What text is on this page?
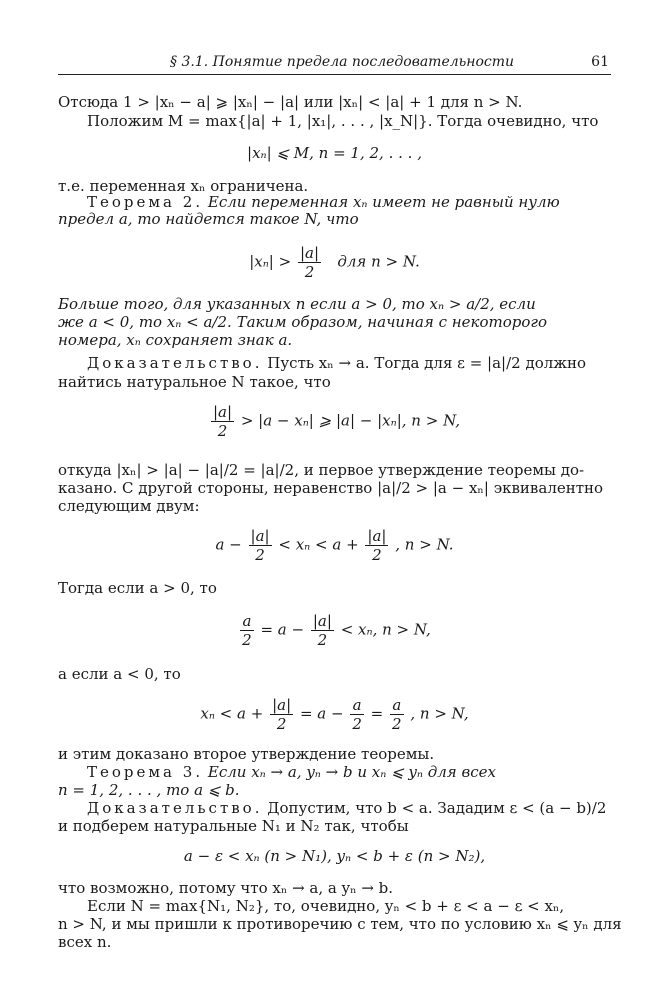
§ 3.1. Понятие предела последовательности	61
Отсюда 1 > |xₙ − a| ⩾ |xₙ| − |a| или |xₙ| < |a| + 1 для n > N.
Положим M = max{|a| + 1, |x₁|, . . . , |x_N|}. Тогда очевидно, что
|xₙ| ⩽ M, n = 1, 2, . . . ,
т.е. переменная xₙ ограничена.
Теорема 2. Если переменная xₙ имеет не равный нулю
предел a, то найдется такое N, что
$|x_n| > \frac{|a|}{2}$ для n > N.
Больше того, для указанных n если a > 0, то xₙ > a/2, если
же a < 0, то xₙ < a/2. Таким образом, начиная с некоторого
номера, xₙ сохраняет знак a.
Доказательство. Пусть xₙ → a. Тогда для ε = |a|/2 должно
найтись натуральное N такое, что
$\frac{|a|}{2} > |a - x_n|$ ⩾ |a| − |xₙ|, n > N,
откуда |xₙ| > |a| − |a|/2 = |a|/2, и первое утверждение теоремы до-
казано. С другой стороны, неравенство |a|/2 > |a − xₙ| эквивалентно
следующим двум:
$a - \frac{|a|}{2} < x_n < a + \frac{|a|}{2}$ , n > N.
Тогда если a > 0, то
$\frac{a}{2} = a - \frac{|a|}{2} < x_n$, n > N,
а если a < 0, то
$x_n < a + \frac{|a|}{2} = a - \frac{a}{2} = \frac{a}{2}$ , n > N,
и этим доказано второе утверждение теоремы.
Теорема 3. Если xₙ → a, yₙ → b и xₙ ⩽ yₙ для всех
n = 1, 2, . . . , то a ⩽ b.
Доказательство. Допустим, что b < a. Зададим ε < (a − b)/2
и подберем натуральные N₁ и N₂ так, чтобы
a − ε < xₙ (n > N₁), yₙ < b + ε (n > N₂),
что возможно, потому что xₙ → a, а yₙ → b.
Если N = max{N₁, N₂}, то, очевидно, yₙ < b + ε < a − ε < xₙ,
n > N, и мы пришли к противоречию с тем, что по условию xₙ ⩽ yₙ для
всех n.
